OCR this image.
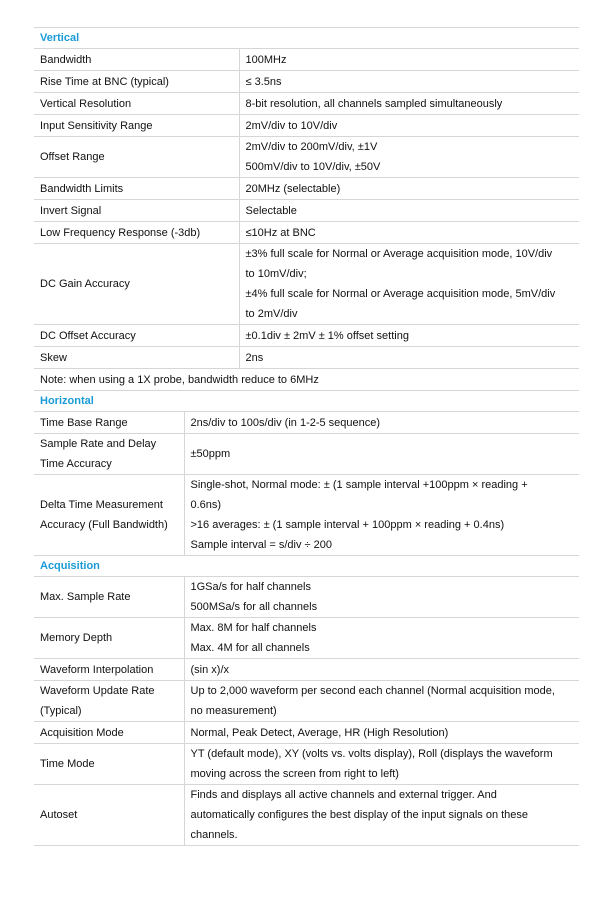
Vertical		
Bandwidth		100MHz

Rise Time at BNC (typical)		≤ 3.5ns

Vertical Resolution		8-bit resolution, all channels sampled simultaneously

Input Sensitivity Range		2mV/div to 10V/div

Offset Range		2mV/div to 200mV/div, ±1V
500mV/div to 10V/div, ±50V

Bandwidth Limits		20MHz (selectable)

Invert Signal		Selectable

Low Frequency Response (-3db)		≤10Hz at BNC

DC Gain Accuracy		±3% full scale for Normal or Average acquisition mode, 10V/div
to 10mV/div;
±4% full scale for Normal or Average acquisition mode, 5mV/div
to 2mV/div

DC Offset Accuracy		±0.1div ± 2mV ± 1% offset setting

Skew		2ns

Note: when using a 1X probe, bandwidth reduce to 6MHz		
Horizontal		

Time Base Range	2ns/div to 100s/div (in 1-2-5 sequence)	

Sample Rate and Delay
Time Accuracy	±50ppm	

Delta Time Measurement
Accuracy (Full Bandwidth)	Single-shot, Normal mode: ± (1 sample interval +100ppm × reading +
0.6ns)
>16 averages: ± (1 sample interval + 100ppm × reading + 0.4ns)
Sample interval = s/div ÷ 200	

Acquisition		

Max. Sample Rate	1GSa/s for half channels
500MSa/s for all channels	

Memory Depth	Max. 8M for half channels
Max. 4M for all channels	

Waveform Interpolation	(sin x)/x	

Waveform Update Rate
(Typical)	Up to 2,000 waveform per second each channel (Normal acquisition mode,
no measurement)	

Acquisition Mode	Normal, Peak Detect, Average, HR (High Resolution)	

Time Mode	YT (default mode), XY (volts vs. volts display), Roll (displays the waveform
moving across the screen from right to left)	

Autoset	Finds and displays all active channels and external trigger. And
automatically configures the best display of the input signals on these
channels.	
